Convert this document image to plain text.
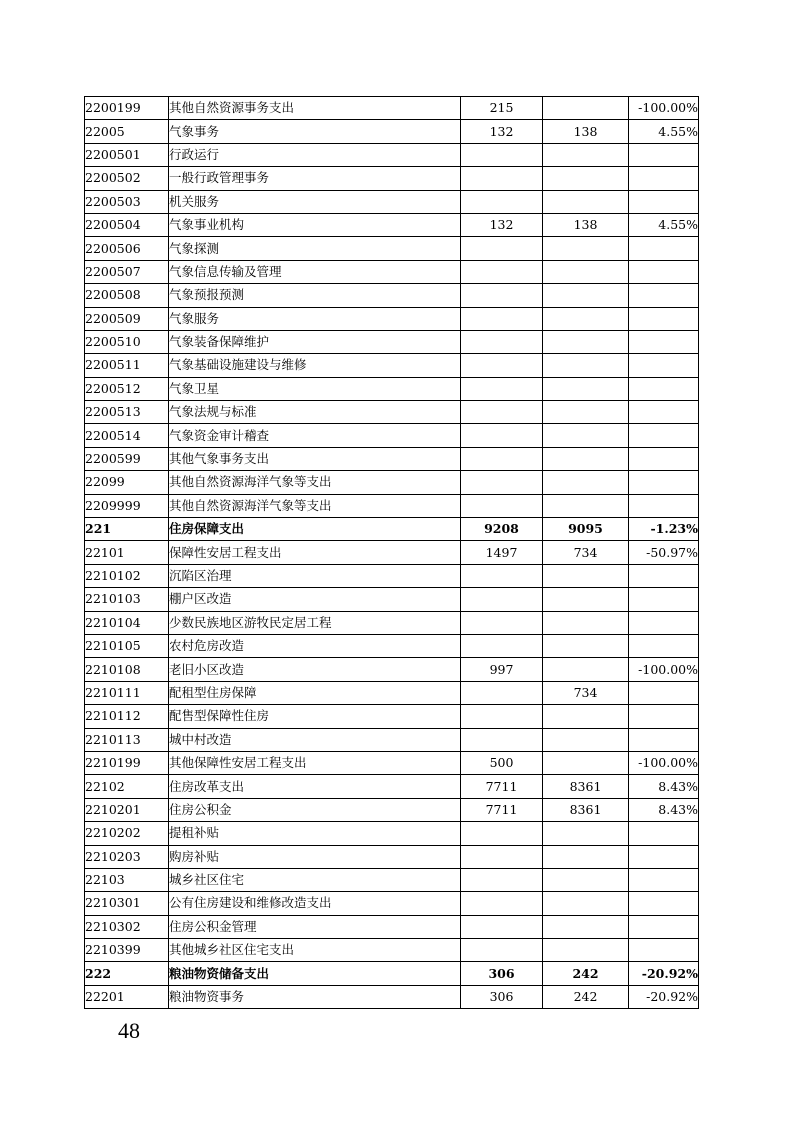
2200199	其他自然资源事务支出	215		-100.00%
22005	气象事务	132	138	4.55%
2200501	行政运行			
2200502	一般行政管理事务			
2200503	机关服务			
2200504	气象事业机构	132	138	4.55%
2200506	气象探测			
2200507	气象信息传输及管理			
2200508	气象预报预测			
2200509	气象服务			
2200510	气象装备保障维护			
2200511	气象基础设施建设与维修			
2200512	气象卫星			
2200513	气象法规与标准			
2200514	气象资金审计稽查			
2200599	其他气象事务支出			
22099	其他自然资源海洋气象等支出			
2209999	其他自然资源海洋气象等支出			
221	住房保障支出	9208	9095	-1.23%
22101	保障性安居工程支出	1497	734	-50.97%
2210102	沉陷区治理			
2210103	棚户区改造			
2210104	少数民族地区游牧民定居工程			
2210105	农村危房改造			
2210108	老旧小区改造	997		-100.00%
2210111	配租型住房保障		734	
2210112	配售型保障性住房			
2210113	城中村改造			
2210199	其他保障性安居工程支出	500		-100.00%
22102	住房改革支出	7711	8361	8.43%
2210201	住房公积金	7711	8361	8.43%
2210202	提租补贴			
2210203	购房补贴			
22103	城乡社区住宅			
2210301	公有住房建设和维修改造支出			
2210302	住房公积金管理			
2210399	其他城乡社区住宅支出			
222	粮油物资储备支出	306	242	-20.92%
22201	粮油物资事务	306	242	-20.92%
48
